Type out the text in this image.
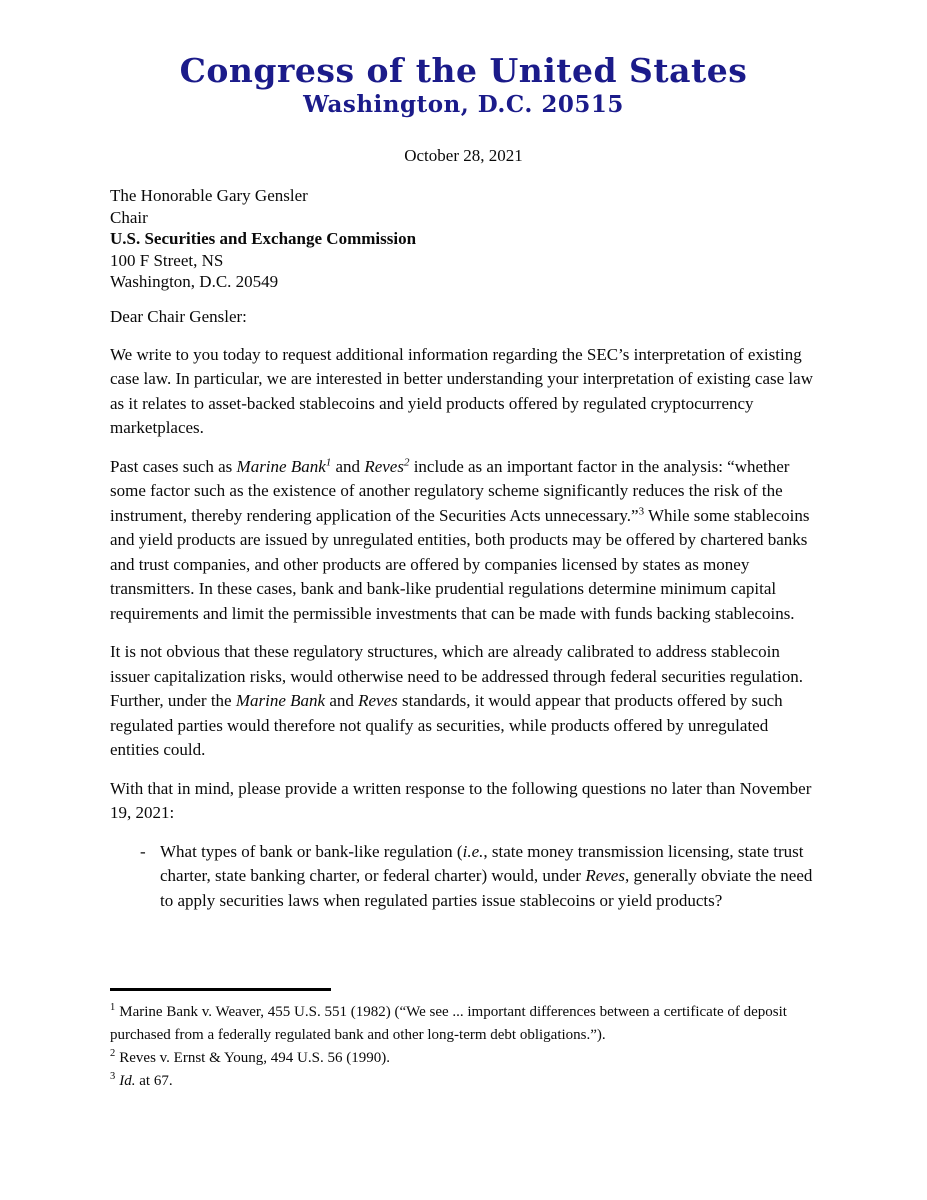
Congress of the United States
Washington, D.C. 20515
October 28, 2021
The Honorable Gary Gensler
Chair
U.S. Securities and Exchange Commission
100 F Street, NS
Washington, D.C. 20549
Dear Chair Gensler:

We write to you today to request additional information regarding the SEC’s interpretation of existing case law. In particular, we are interested in better understanding your interpretation of existing case law as it relates to asset-backed stablecoins and yield products offered by regulated cryptocurrency marketplaces.

Past cases such as Marine Bank$^1$ and Reves$^2$ include as an important factor in the analysis: “whether some factor such as the existence of another regulatory scheme significantly reduces the risk of the instrument, thereby rendering application of the Securities Acts unnecessary.”$^3$ While some stablecoins and yield products are issued by unregulated entities, both products may be offered by chartered banks and trust companies, and other products are offered by companies licensed by states as money transmitters. In these cases, bank and bank-like prudential regulations determine minimum capital requirements and limit the permissible investments that can be made with funds backing stablecoins.

It is not obvious that these regulatory structures, which are already calibrated to address stablecoin issuer capitalization risks, would otherwise need to be addressed through federal securities regulation. Further, under the Marine Bank and Reves standards, it would appear that products offered by such regulated parties would therefore not qualify as securities, while products offered by unregulated entities could.

With that in mind, please provide a written response to the following questions no later than November 19, 2021:

- What types of bank or bank-like regulation (i.e., state money transmission licensing, state trust charter, state banking charter, or federal charter) would, under Reves, generally obviate the need to apply securities laws when regulated parties issue stablecoins or yield products?
$^1$ Marine Bank v. Weaver, 455 U.S. 551 (1982) (“We see ... important differences between a certificate of deposit purchased from a federally regulated bank and other long-term debt obligations.”).
$^2$ Reves v. Ernst & Young, 494 U.S. 56 (1990).
$^3$ Id. at 67.
